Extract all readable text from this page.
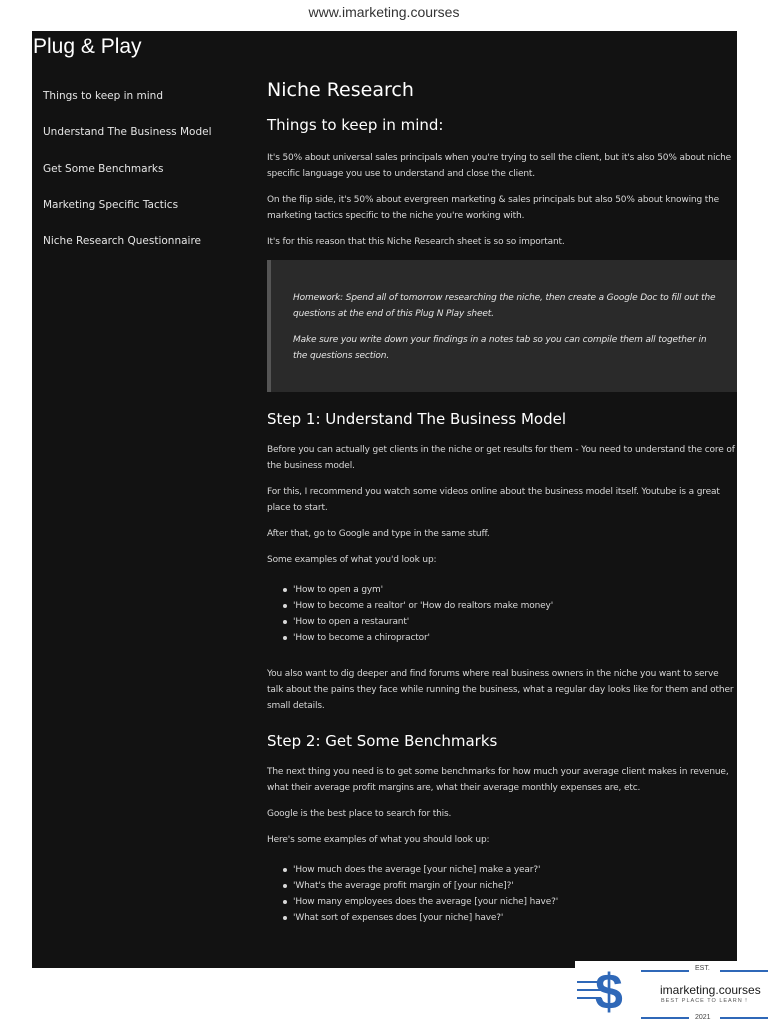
www.imarketing.courses
Plug & Play
Things to keep in mind
Understand The Business Model
Get Some Benchmarks
Marketing Specific Tactics
Niche Research Questionnaire
Niche Research
Things to keep in mind:

It's 50% about universal sales principals when you're trying to sell the client, but it's also 50% about niche specific language you use to understand and close the client.

On the flip side, it's 50% about evergreen marketing & sales principals but also 50% about knowing the marketing tactics specific to the niche you're working with.

It's for this reason that this Niche Research sheet is so so important.

Homework: Spend all of tomorrow researching the niche, then create a Google Doc to fill out the questions at the end of this Plug N Play sheet.

Make sure you write down your findings in a notes tab so you can compile them all together in the questions section.

Step 1: Understand The Business Model

Before you can actually get clients in the niche or get results for them - You need to understand the core of the business model.

For this, I recommend you watch some videos online about the business model itself. Youtube is a great place to start.

After that, go to Google and type in the same stuff.

Some examples of what you'd look up:

'How to open a gym'
'How to become a realtor' or 'How do realtors make money'
'How to open a restaurant'
'How to become a chiropractor'

You also want to dig deeper and find forums where real business owners in the niche you want to serve talk about the pains they face while running the business, what a regular day looks like for them and other small details.

Step 2: Get Some Benchmarks

The next thing you need is to get some benchmarks for how much your average client makes in revenue, what their average profit margins are, what their average monthly expenses are, etc.

Google is the best place to search for this.

Here's some examples of what you should look up:

'How much does the average [your niche] make a year?'
'What's the average profit margin of [your niche]?'
'How many employees does the average [your niche] have?'
'What sort of expenses does [your niche] have?'
$	EST.
imarketing.courses
BEST PLACE TO LEARN !
2021
